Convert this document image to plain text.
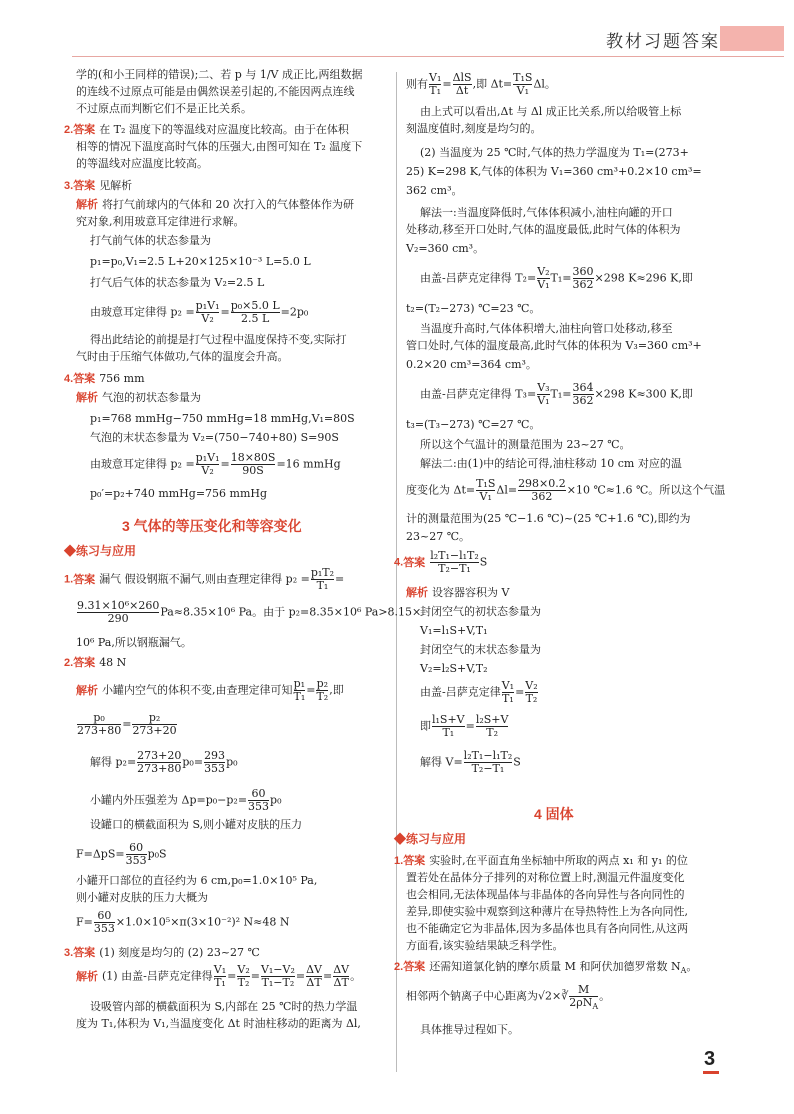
教材习题答案
学的(和小王同样的错误);二、若 p 与 1/V 成正比,两组数据
的连线不过原点可能是由偶然误差引起的,不能因两点连线
不过原点而判断它们不是正比关系。
2.答案 在 T₂ 温度下的等温线对应温度比较高。由于在体积
相等的情况下温度高时气体的压强大,由图可知在 T₂ 温度下
的等温线对应温度比较高。
3.答案 见解析
解析 将打气前球内的气体和 20 次打入的气体整体作为研
究对象,利用玻意耳定律进行求解。
打气前气体的状态参量为
p₁=p₀,V₁=2.5 L+20×125×10⁻³ L=5.0 L
打气后气体的状态参量为 V₂=2.5 L
由玻意耳定律得 $p_2 = \frac{\text{p₁V₁}}{\text{V₂}} = \frac{\text{p₀×5.0 L}}{2.5 L} =2p_0$
得出此结论的前提是打气过程中温度保持不变,实际打
气时由于压缩气体做功,气体的温度会升高。
4.答案 756 mm
解析 气泡的初状态参量为
p₁=768 mmHg−750 mmHg=18 mmHg,V₁=80S
气泡的末状态参量为 V₂=(750−740+80) S=90S
由玻意耳定律得 $p_2 = \frac{\text{p₁V₁}}{\text{V₂}} = \frac{18\times 80S}{90S} =16$ mmHg
p₀′=p₂+740 mmHg=756 mmHg
3 气体的等压变化和等容变化
◆练习与应用
1.答案 漏气 假设钢瓶不漏气,则由查理定律得 $p_2 = \frac{\text{p₁T₂}}{\text{T₁}}$ =
$\frac{\text{9.31×10⁶×260}}{290} Pa\approx 8.35\times 10^6$ Pa。由于 p₂=8.35×10⁶ Pa>8.15×
10⁶ Pa,所以钢瓶漏气。
2.答案 48 N
解析 小罐内空气的体积不变,由查理定律可知 $\frac{\text{p₁}}{\text{T₁}} = \frac{\text{p₂}}{\text{T₂}}$ ,即
$\frac{\text{p₀}}{273+80} = \frac{\text{p₂}}{273+20}$
解得 $p_2= \frac{273+20}{273+80} p_0= \frac{293}{353} p_0$
小罐内外压强差为 $\Delta p=p_0-p_2= \frac{60}{353} p_0$
设罐口的横截面积为 S,则小罐对皮肤的压力
$F=\Delta pS= \frac{60}{353} p_0S$
小罐开口部位的直径约为 6 cm,p₀=1.0×10⁵ Pa,
则小罐对皮肤的压力大概为
$F= \frac{60}{353} \times 1.0\times 10^5\times\pi(3\times 10^{-2})^2$ N≈48 N
3.答案 (1) 刻度是均匀的 (2) 23~27 ℃
解析 (1) 由盖-吕萨克定律得 $\frac{\text{V₁}}{\text{T₁}} = \frac{\text{V₂}}{\text{T₂}} = \frac{\text{V₁−V₂}}{\text{T₁−T₂}} = \frac{\Delta V}{\Delta T} = \frac{\Delta V}{\Delta T}$ 。
设吸管内部的横截面积为 S,内部在 25 ℃时的热力学温
度为 T₁,体积为 V₁,当温度变化 Δt 时油柱移动的距离为 Δl,
则有 $\frac{\text{V₁}}{\text{T₁}} = \frac{\text{ΔlS}}{\Delta t}$ ,即 $\Delta t= \frac{\text{T₁S}}{\text{V₁}}$ Δl。
由上式可以看出,Δt 与 Δl 成正比关系,所以给吸管上标
刻温度值时,刻度是均匀的。
(2) 当温度为 25 ℃时,气体的热力学温度为 T₁=(273+
25) K=298 K,气体的体积为 V₁=360 cm³+0.2×10 cm³=
362 cm³。
解法一:当温度降低时,气体体积减小,油柱向罐的开口
处移动,移至开口处时,气体的温度最低,此时气体的体积为
V₂=360 cm³。
由盖-吕萨克定律得 $T_2= \frac{\text{V₂}}{\text{V₁}} T_1= \frac{360}{362} \times 298$ K≈296 K,即
t₂=(T₂−273) ℃=23 ℃。
当温度升高时,气体体积增大,油柱向管口处移动,移至
管口处时,气体的温度最高,此时气体的体积为 V₃=360 cm³+
0.2×20 cm³=364 cm³。
由盖-吕萨克定律得 $T_3= \frac{\text{V₃}}{\text{V₁}} T_1= \frac{364}{362} \times 298$ K≈300 K,即
t₃=(T₃−273) ℃=27 ℃。
所以这个气温计的测量范围为 23~27 ℃。
解法二:由(1)中的结论可得,油柱移动 10 cm 对应的温
度变化为 $\Delta t= \frac{\text{T₁S}}{\text{V₁}} \Delta l= \frac{298\times 0.2}{362} \times 10$ ℃≈1.6 ℃。所以这个气温
计的测量范围为(25 ℃−1.6 ℃)~(25 ℃+1.6 ℃),即约为
23~27 ℃。
4.答案 $\frac{\text{l₂T₁−l₁T₂}}{\text{T₂−T₁}}$ S
解析 设容器容积为 V
封闭空气的初状态参量为
V₁=l₁S+V,T₁
封闭空气的末状态参量为
V₂=l₂S+V,T₂
由盖-吕萨克定律 $\frac{\text{V₁}}{\text{T₁}} = \frac{\text{V₂}}{\text{T₂}}$
即 $\frac{\text{l₁S+V}}{\text{T₁}} = \frac{\text{l₂S+V}}{\text{T₂}}$
解得 $V= \frac{\text{l₂T₁−l₁T₂}}{\text{T₂−T₁}}$ S
4 固体
◆练习与应用
1.答案 实验时,在平面直角坐标轴中所取的两点 x₁ 和 y₁ 的位
置若处在晶体分子排列的对称位置上时,测温元件温度变化
也会相同,无法体现晶体与非晶体的各向异性与各向同性的
差异,即使实验中观察到这种薄片在导热特性上为各向同性,
也不能确定它为非晶体,因为多晶体也具有各向同性,从这两
方面看,该实验结果缺乏科学性。
2.答案 还需知道氯化钠的摩尔质量 M 和阿伏加德罗常数 $N_A$。
相邻两个钠离子中心距离为√2×∛ $\frac{M}{2\rho N_A}$ 。
具体推导过程如下。
3
